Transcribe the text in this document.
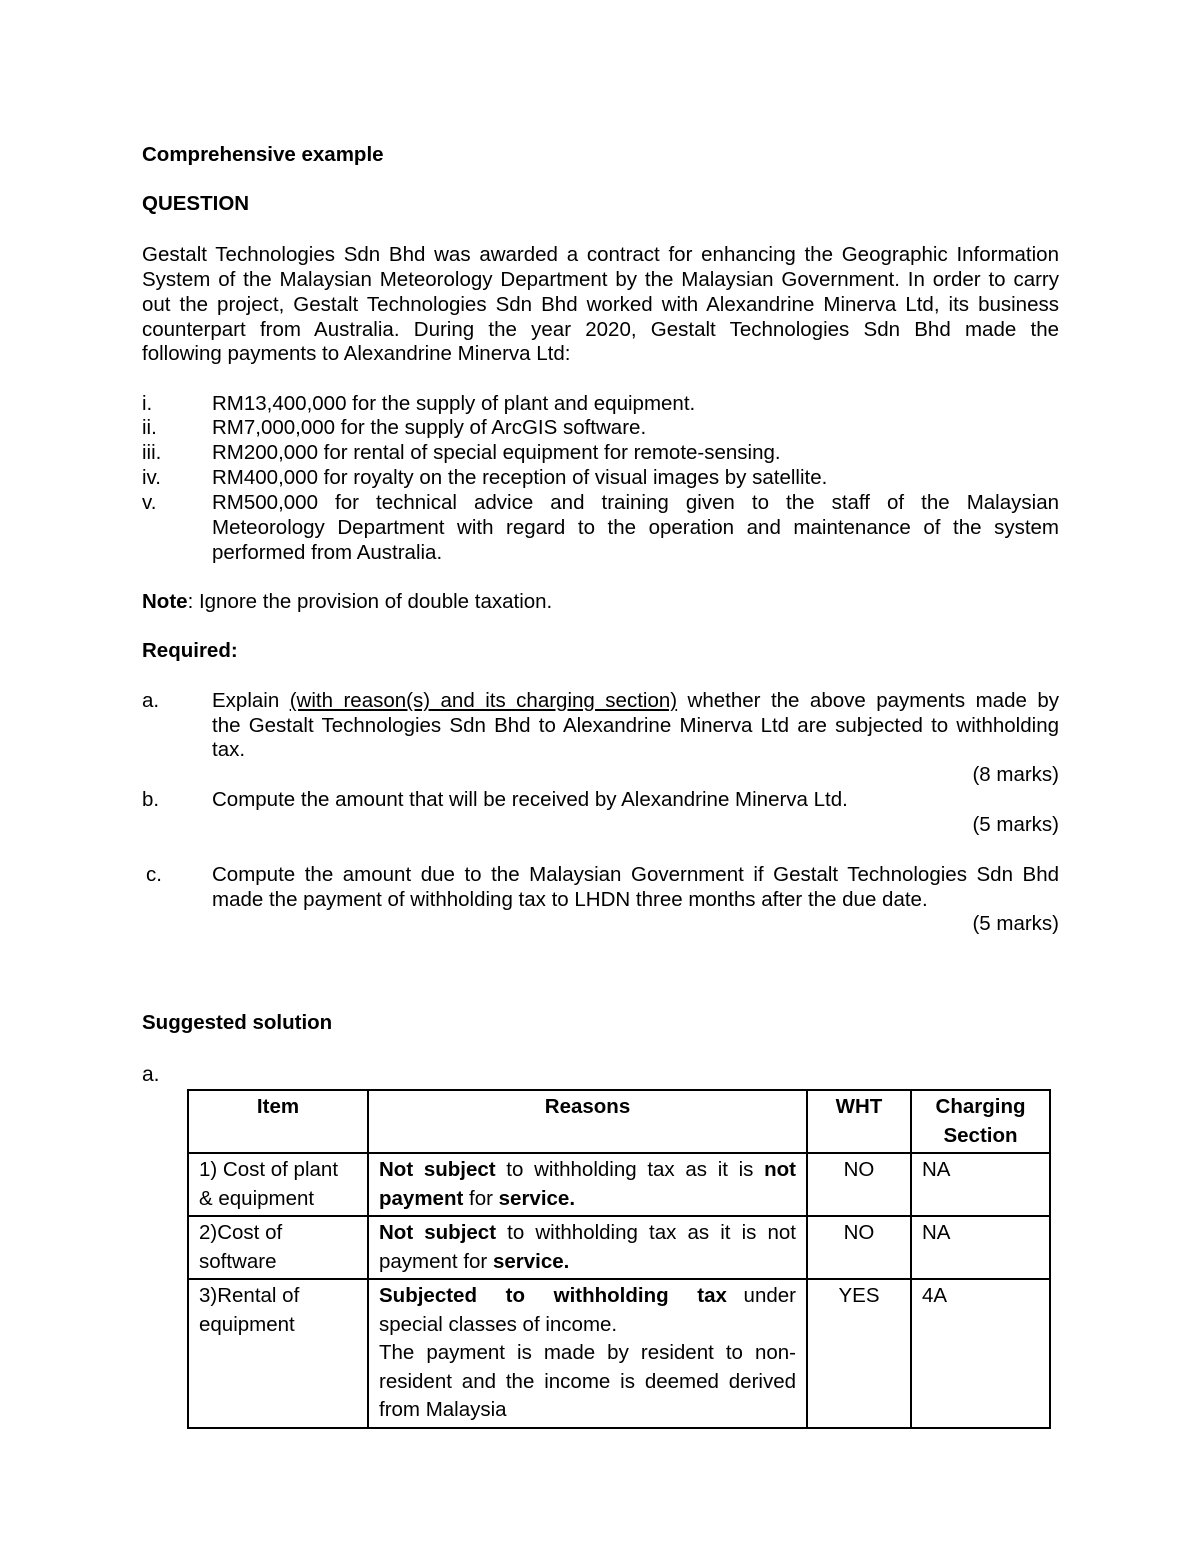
Comprehensive example
QUESTION
Gestalt Technologies Sdn Bhd was awarded a contract for enhancing the Geographic Information
System of the Malaysian Meteorology Department by the Malaysian Government. In order to carry
out the project, Gestalt Technologies Sdn Bhd worked with Alexandrine Minerva Ltd, its business
counterpart from Australia. During the year 2020, Gestalt Technologies Sdn Bhd made the
following payments to Alexandrine Minerva Ltd:
i.	RM13,400,000 for the supply of plant and equipment.
ii.	RM7,000,000 for the supply of ArcGIS software.
iii. RM200,000 for rental of special equipment for remote-sensing.
iv. RM400,000 for royalty on the reception of visual images by satellite.
v.	RM500,000 for technical advice and training given to the staff of the Malaysian
Meteorology Department with regard to the operation and maintenance of the system
performed from Australia.
Note: Ignore the provision of double taxation.
Required:
a.	Explain (with reason(s) and its charging section) whether the above payments made by
the Gestalt Technologies Sdn Bhd to Alexandrine Minerva Ltd are subjected to withholding
tax.
(8 marks)
b.	Compute the amount that will be received by Alexandrine Minerva Ltd.
(5 marks)
c. Compute the amount due to the Malaysian Government if Gestalt Technologies Sdn Bhd
made the payment of withholding tax to LHDN three months after the due date.
(5 marks)
Suggested solution
a.
Item	Reasons	WHT	Charging Section
1) Cost of plant & equipment	Not subject to withholding tax as it is not payment for service.	NO	NA
2)Cost of software	Not subject to withholding tax as it is not payment for service.	NO	NA
3)Rental of equipment	Subjected to withholding tax under special classes of income.
The payment is made by resident to non-resident and the income is deemed derived from Malaysia	YES	4A
